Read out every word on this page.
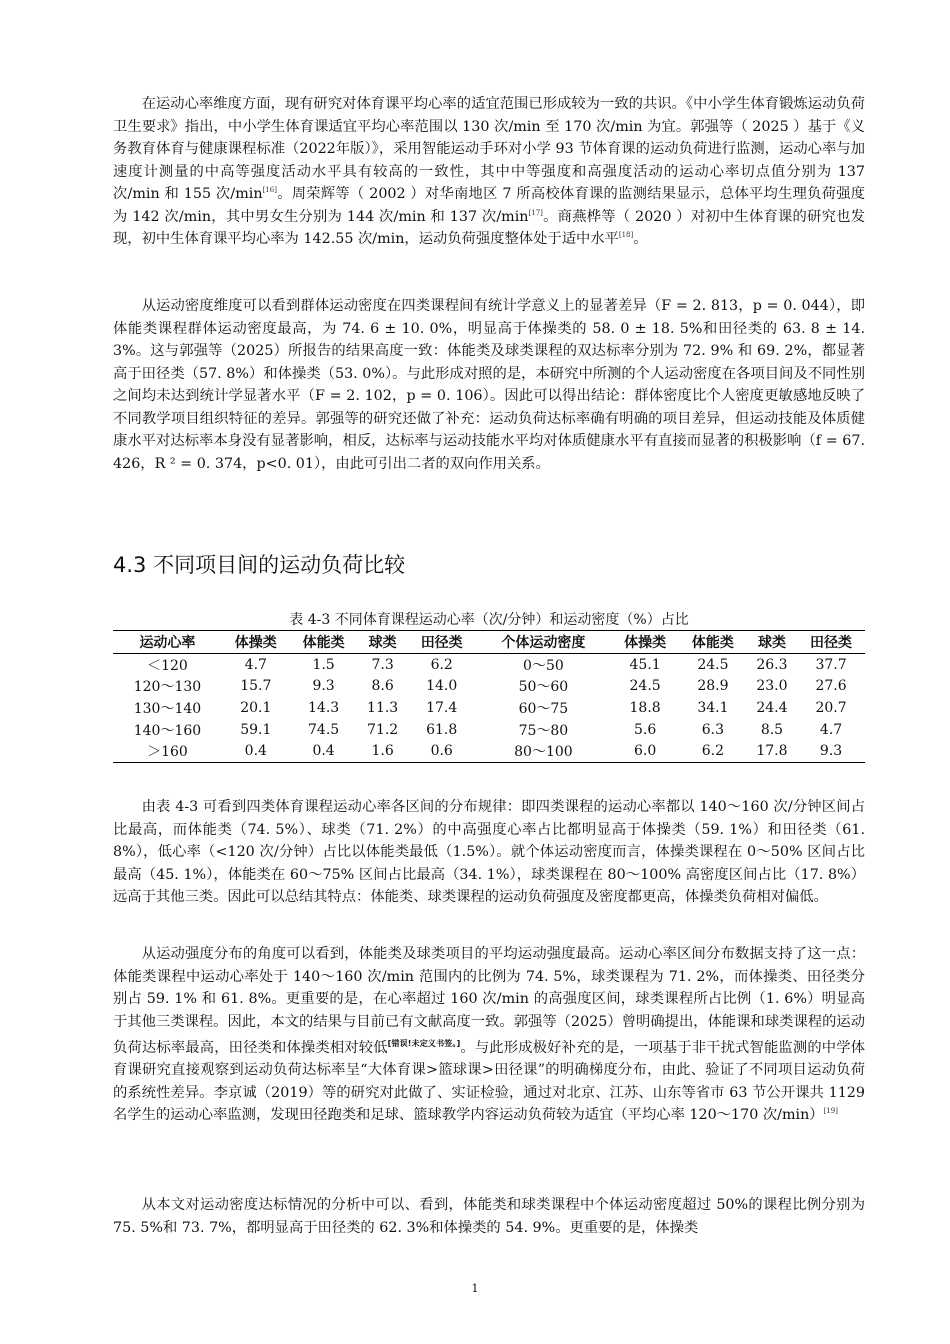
在运动心率维度方面，现有研究对体育课平均心率的适宜范围已形成较为一致的共识。《中小学生体育锻炼运动负荷卫生要求》指出，中小学生体育课适宜平均心率范围以 130 次/min 至 170 次/min 为宜。郭强等（ 2025 ）基于《义务教育体育与健康课程标准（2022年版）》，采用智能运动手环对小学 93 节体育课的运动负荷进行监测，运动心率与加速度计测量的中高等强度活动水平具有较高的一致性，其中中等强度和高强度活动的运动心率切点值分别为 137 次/min 和 155 次/min[16]。周荣辉等（ 2002 ）对华南地区 7 所高校体育课的监测结果显示，总体平均生理负荷强度为 142 次/min，其中男女生分别为 144 次/min 和 137 次/min[17]。商燕桦等（ 2020 ）对初中生体育课的研究也发现，初中生体育课平均心率为 142.55 次/min，运动负荷强度整体处于适中水平[18]。

从运动密度维度可以看到群体运动密度在四类课程间有统计学意义上的显著差异（F = 2. 813，p = 0. 044），即体能类课程群体运动密度最高，为 74. 6 ± 10. 0%，明显高于体操类的 58. 0 ± 18. 5%和田径类的 63. 8 ± 14. 3%。这与郭强等（2025）所报告的结果高度一致：体能类及球类课程的双达标率分别为 72. 9% 和 69. 2%，都显著高于田径类（57. 8%）和体操类（53. 0%）。与此形成对照的是，本研究中所测的个人运动密度在各项目间及不同性别之间均未达到统计学显著水平（F = 2. 102，p = 0. 106）。因此可以得出结论：群体密度比个人密度更敏感地反映了不同教学项目组织特征的差异。郭强等的研究还做了补充：运动负荷达标率确有明确的项目差异，但运动技能及体质健康水平对达标率本身没有显著影响，相反，达标率与运动技能水平均对体质健康水平有直接而显著的积极影响（f = 67. 426，R ² = 0. 374，p<0. 01），由此可引出二者的双向作用关系。

4.3 不同项目间的运动负荷比较

表 4-3 不同体育课程运动心率（次/分钟）和运动密度（%）占比

运动心率	体操类	体能类	球类	田径类	个体运动密度	体操类	体能类	球类	田径类
＜120	4.7	1.5	7.3	6.2	0～50	45.1	24.5	26.3	37.7
120～130	15.7	9.3	8.6	14.0	50～60	24.5	28.9	23.0	27.6
130～140	20.1	14.3	11.3	17.4	60～75	18.8	34.1	24.4	20.7
140～160	59.1	74.5	71.2	61.8	75～80	5.6	6.3	8.5	4.7
＞160	0.4	0.4	1.6	0.6	80～100	6.0	6.2	17.8	9.3

由表 4-3 可看到四类体育课程运动心率各区间的分布规律：即四类课程的运动心率都以 140～160 次/分钟区间占比最高，而体能类（74. 5%）、球类（71. 2%）的中高强度心率占比都明显高于体操类（59. 1%）和田径类（61. 8%），低心率（<120 次/分钟）占比以体能类最低（1.5%）。就个体运动密度而言，体操类课程在 0～50% 区间占比最高（45. 1%），体能类在 60～75% 区间占比最高（34. 1%），球类课程在 80～100% 高密度区间占比（17. 8%）远高于其他三类。因此可以总结其特点：体能类、球类课程的运动负荷强度及密度都更高，体操类负荷相对偏低。

从运动强度分布的角度可以看到，体能类及球类项目的平均运动强度最高。运动心率区间分布数据支持了这一点：体能类课程中运动心率处于 140～160 次/min 范围内的比例为 74. 5%，球类课程为 71. 2%，而体操类、田径类分别占 59. 1% 和 61. 8%。更重要的是，在心率超过 160 次/min 的高强度区间，球类课程所占比例（1. 6%）明显高于其他三类课程。因此，本文的结果与目前已有文献高度一致。郭强等（2025）曾明确提出，体能课和球类课程的运动负荷达标率最高，田径类和体操类相对较低[错误!未定义书签。]。与此形成极好补充的是，一项基于非干扰式智能监测的中学体育课研究直接观察到运动负荷达标率呈“大体育课>篮球课>田径课”的明确梯度分布，由此、验证了不同项目运动负荷的系统性差异。李京诚（2019）等的研究对此做了、实证检验，通过对北京、江苏、山东等省市 63 节公开课共 1129 名学生的运动心率监测，发现田径跑类和足球、篮球教学内容运动负荷较为适宜（平均心率 120～170 次/min）[19]

从本文对运动密度达标情况的分析中可以、看到，体能类和球类课程中个体运动密度超过 50%的课程比例分别为 75. 5%和 73. 7%，都明显高于田径类的 62. 3%和体操类的 54. 9%。更重要的是，体操类

1
